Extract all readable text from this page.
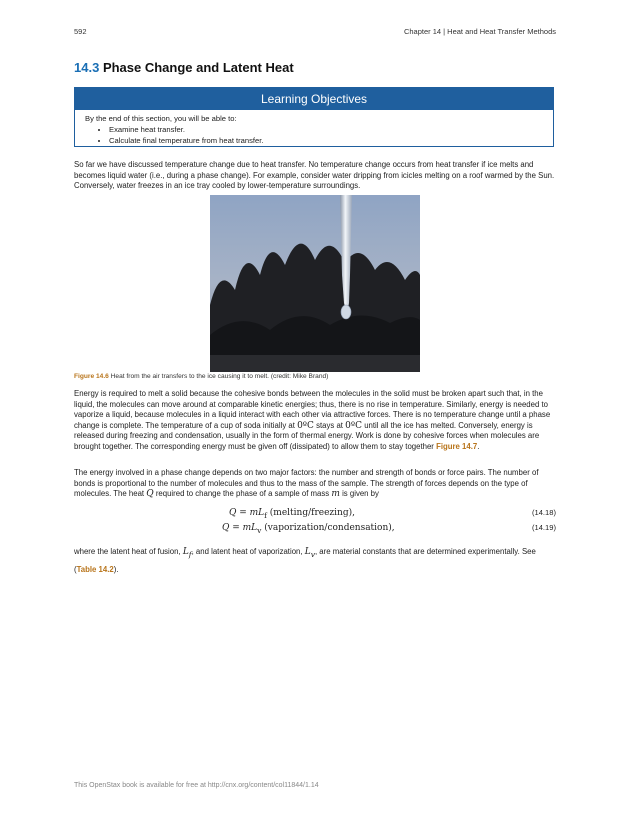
592	Chapter 14 | Heat and Heat Transfer Methods
14.3 Phase Change and Latent Heat
Learning Objectives
By the end of this section, you will be able to:
• Examine heat transfer.
• Calculate final temperature from heat transfer.
So far we have discussed temperature change due to heat transfer. No temperature change occurs from heat transfer if ice melts and becomes liquid water (i.e., during a phase change). For example, consider water dripping from icicles melting on a roof warmed by the Sun. Conversely, water freezes in an ice tray cooled by lower-temperature surroundings.
Figure 14.6 Heat from the air transfers to the ice causing it to melt. (credit: Mike Brand)
Energy is required to melt a solid because the cohesive bonds between the molecules in the solid must be broken apart such that, in the liquid, the molecules can move around at comparable kinetic energies; thus, there is no rise in temperature. Similarly, energy is needed to vaporize a liquid, because molecules in a liquid interact with each other via attractive forces. There is no temperature change until a phase change is complete. The temperature of a cup of soda initially at 0ºC stays at 0ºC until all the ice has melted. Conversely, energy is released during freezing and condensation, usually in the form of thermal energy. Work is done by cohesive forces when molecules are brought together. The corresponding energy must be given off (dissipated) to allow them to stay together Figure 14.7.
The energy involved in a phase change depends on two major factors: the number and strength of bonds or force pairs. The number of bonds is proportional to the number of molecules and thus to the mass of the sample. The strength of forces depends on the type of molecules. The heat Q required to change the phase of a sample of mass m is given by
$Q = mL_f$ (melting/freezing),	(14.18)
$Q = mL_v$ (vaporization/condensation),	(14.19)
where the latent heat of fusion, $L_f$, and latent heat of vaporization, $L_v$, are material constants that are determined experimentally. See (Table 14.2).
This OpenStax book is available for free at http://cnx.org/content/col11844/1.14
